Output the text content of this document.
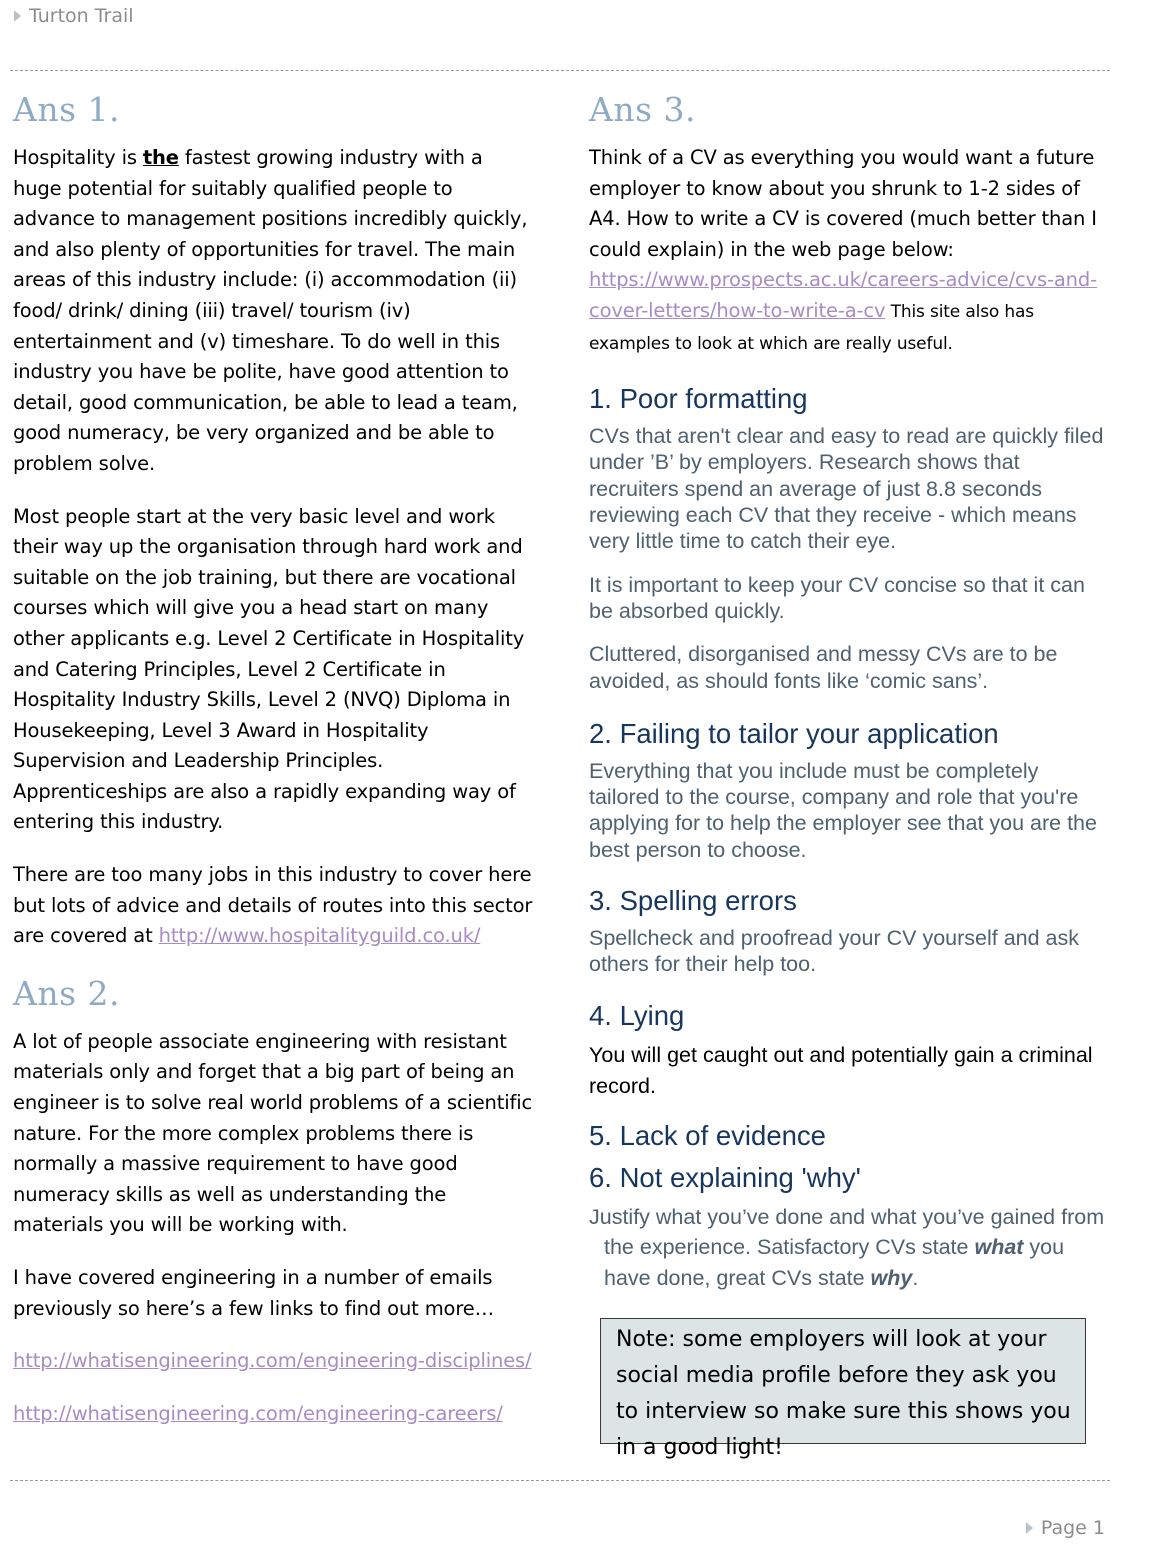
Turton Trail
Ans 1.

Hospitality is the fastest growing industry with a huge potential for suitably qualified people to advance to management positions incredibly quickly, and also plenty of opportunities for travel. The main areas of this industry include: (i) accommodation (ii) food/ drink/ dining (iii) travel/ tourism (iv) entertainment and (v) timeshare. To do well in this industry you have be polite, have good attention to detail, good communication, be able to lead a team, good numeracy, be very organized and be able to problem solve.

Most people start at the very basic level and work their way up the organisation through hard work and suitable on the job training, but there are vocational courses which will give you a head start on many other applicants e.g. Level 2 Certificate in Hospitality and Catering Principles, Level 2 Certificate in Hospitality Industry Skills, Level 2 (NVQ) Diploma in Housekeeping, Level 3 Award in Hospitality Supervision and Leadership Principles. Apprenticeships are also a rapidly expanding way of entering this industry.

There are too many jobs in this industry to cover here but lots of advice and details of routes into this sector are covered at http://www.hospitalityguild.co.uk/

Ans 2.

A lot of people associate engineering with resistant materials only and forget that a big part of being an engineer is to solve real world problems of a scientific nature. For the more complex problems there is normally a massive requirement to have good numeracy skills as well as understanding the materials you will be working with.

I have covered engineering in a number of emails previously so here’s a few links to find out more…

http://whatisengineering.com/engineering-disciplines/

http://whatisengineering.com/engineering-careers/

Ans 3.

Think of a CV as everything you would want a future employer to know about you shrunk to 1-2 sides of A4. How to write a CV is covered (much better than I could explain) in the web page below: https://www.prospects.ac.uk/careers-advice/cvs-and-cover-letters/how-to-write-a-cv This site also has examples to look at which are really useful.

1. Poor formatting

CVs that aren't clear and easy to read are quickly filed under ’B’ by employers. Research shows that recruiters spend an average of just 8.8 seconds reviewing each CV that they receive - which means very little time to catch their eye.

It is important to keep your CV concise so that it can be absorbed quickly.

Cluttered, disorganised and messy CVs are to be avoided, as should fonts like ‘comic sans’.

2. Failing to tailor your application

Everything that you include must be completely tailored to the course, company and role that you're applying for to help the employer see that you are the best person to choose.

3. Spelling errors

Spellcheck and proofread your CV yourself and ask others for their help too.

4. Lying

You will get caught out and potentially gain a criminal record.

5. Lack of evidence
6. Not explaining 'why'

Justify what you’ve done and what you’ve gained from the experience. Satisfactory CVs state what you have done, great CVs state why.

Note: some employers will look at your social media profile before they ask you to interview so make sure this shows you in a good light!
Page 1
